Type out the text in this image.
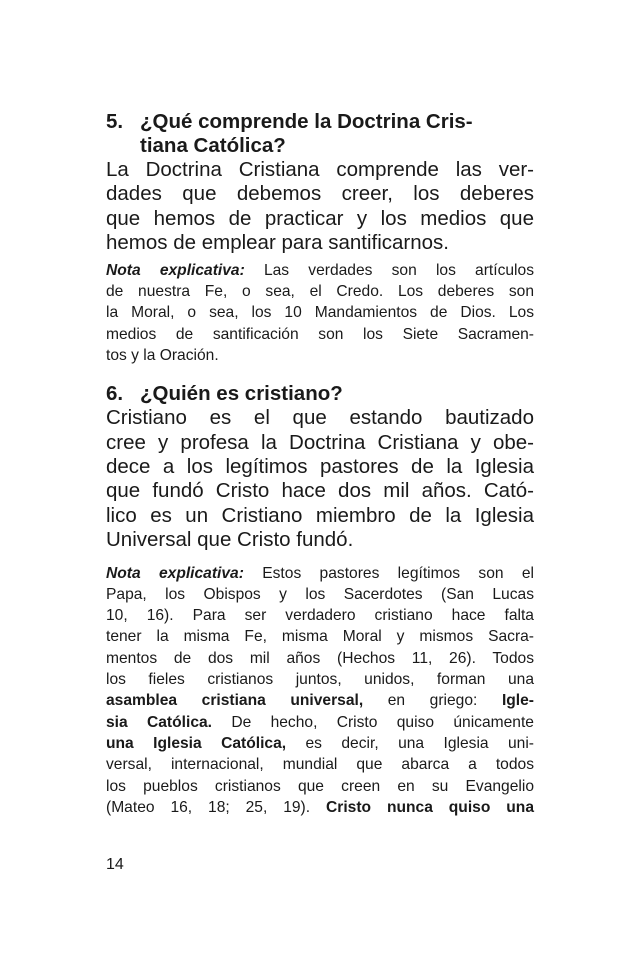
5. ¿Qué comprende la Doctrina Cris-
tiana Católica?

La Doctrina Cristiana comprende las ver-
dades que debemos creer, los deberes
que hemos de practicar y los medios que
hemos de emplear para santificarnos.

Nota explicativa: Las verdades son los artículos
de nuestra Fe, o sea, el Credo. Los deberes son
la Moral, o sea, los 10 Mandamientos de Dios. Los
medios de santificación son los Siete Sacramen-
tos y la Oración.

6. ¿Quién es cristiano?

Cristiano es el que estando bautizado
cree y profesa la Doctrina Cristiana y obe-
dece a los legítimos pastores de la Iglesia
que fundó Cristo hace dos mil años. Cató-
lico es un Cristiano miembro de la Iglesia
Universal que Cristo fundó.

Nota explicativa: Estos pastores legítimos son el
Papa, los Obispos y los Sacerdotes (San Lucas
10, 16). Para ser verdadero cristiano hace falta
tener la misma Fe, misma Moral y mismos Sacra-
mentos de dos mil años (Hechos 11, 26). Todos
los fieles cristianos juntos, unidos, forman una
asamblea cristiana universal, en griego: Igle-
sia Católica. De hecho, Cristo quiso únicamente
una Iglesia Católica, es decir, una Iglesia uni-
versal, internacional, mundial que abarca a todos
los pueblos cristianos que creen en su Evangelio
(Mateo 16, 18; 25, 19). Cristo nunca quiso una

14
